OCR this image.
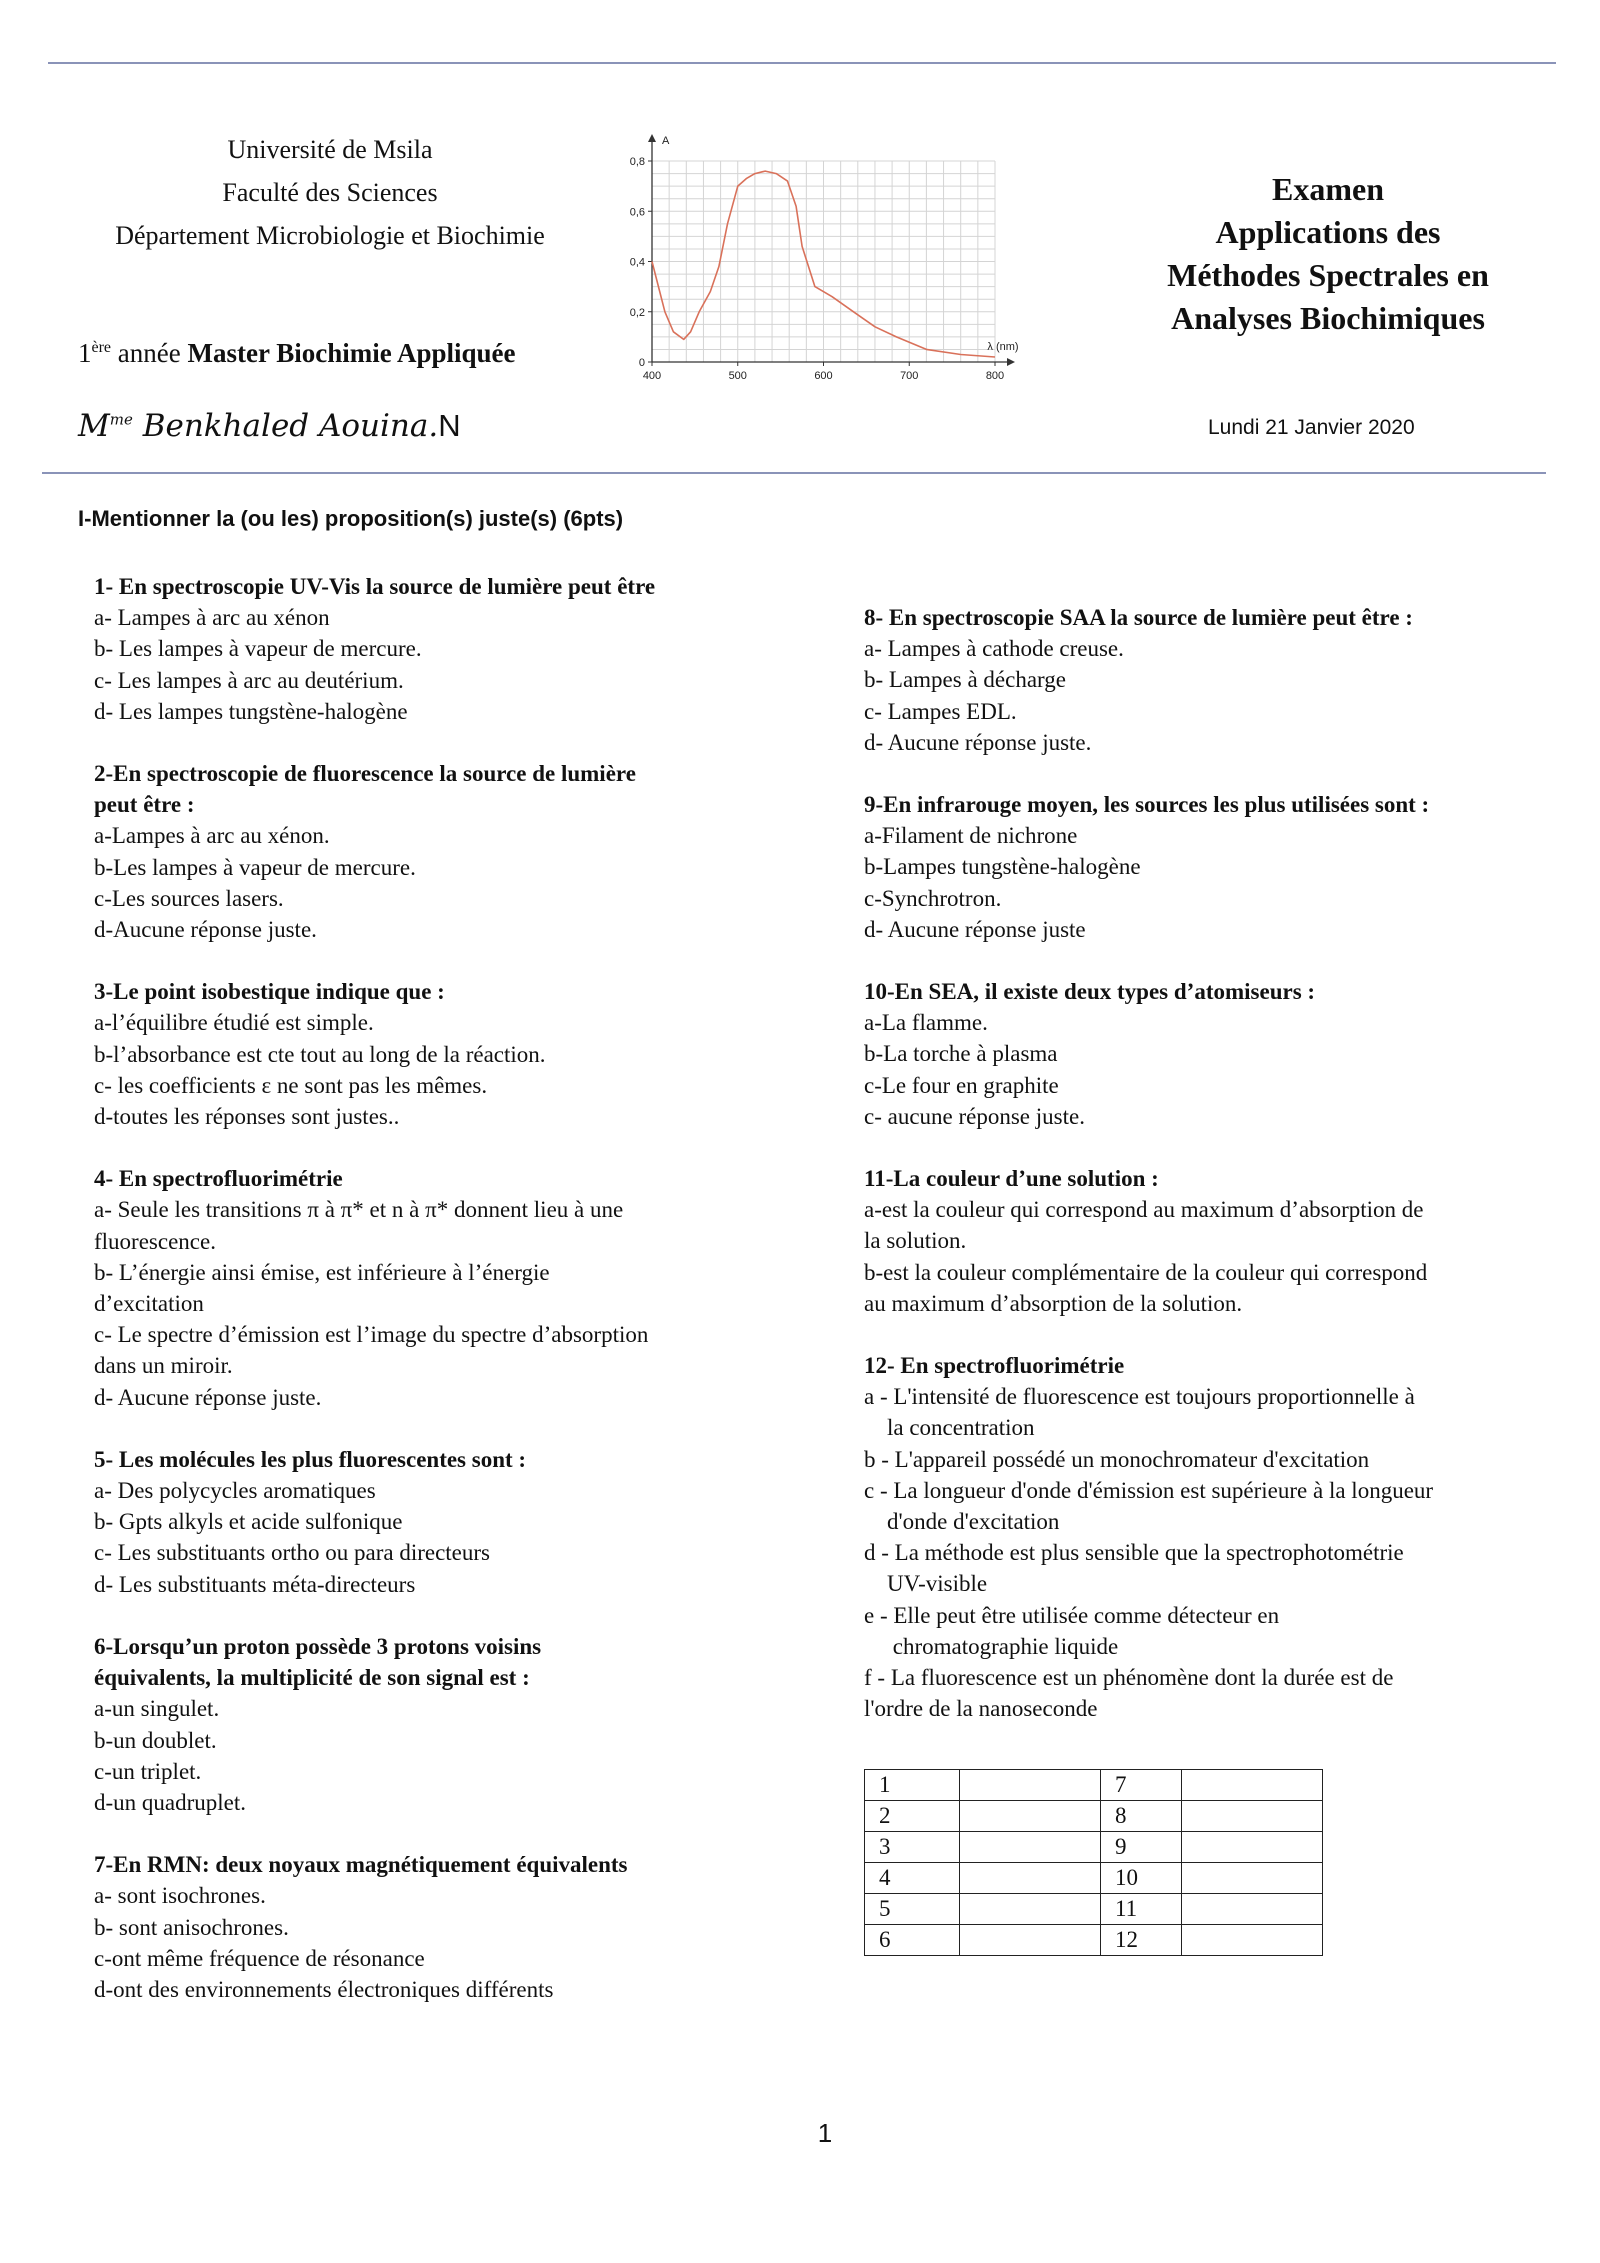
Université de Msila
Faculté des Sciences
Département Microbiologie et Biochimie
1ère année Master Biochimie Appliquée
$M^{me}$ Benkhaled Aouina.N
A
λ (nm)
0
0,2
0,4
0,6
0,8
400	500	600	700	800
Examen
Applications des
Méthodes Spectrales en
Analyses Biochimiques
Lundi 21 Janvier 2020
I-Mentionner la (ou les) proposition(s) juste(s) (6pts)
1- En spectroscopie UV-Vis la source de lumière peut être
a- Lampes à arc au xénon
b- Les lampes à vapeur de mercure.
c- Les lampes à arc au deutérium.
d- Les lampes tungstène-halogène
2-En spectroscopie de fluorescence la source de lumière
peut être :
a-Lampes à arc au xénon.
b-Les lampes à vapeur de mercure.
c-Les sources lasers.
d-Aucune réponse juste.
3-Le point isobestique indique que :
a-l’équilibre étudié est simple.
b-l’absorbance est cte tout au long de la réaction.
c- les coefficients ε ne sont pas les mêmes.
d-toutes les réponses sont justes..
4- En spectrofluorimétrie
a- Seule les transitions π à π* et n à π* donnent lieu à une
fluorescence.
b- L’énergie ainsi émise, est inférieure à l’énergie
d’excitation
c- Le spectre d’émission est l’image du spectre d’absorption
dans un miroir.
d- Aucune réponse juste.
5- Les molécules les plus fluorescentes sont :
a- Des polycycles aromatiques
b- Gpts alkyls et acide sulfonique
c- Les substituants ortho ou para directeurs
d- Les substituants méta-directeurs
6-Lorsqu’un proton possède 3 protons voisins
équivalents, la multiplicité de son signal est :
a-un singulet.
b-un doublet.
c-un triplet.
d-un quadruplet.
7-En RMN: deux noyaux magnétiquement équivalents
a- sont isochrones.
b- sont anisochrones.
c-ont même fréquence de résonance
d-ont des environnements électroniques différents
8- En spectroscopie SAA la source de lumière peut être :
a- Lampes à cathode creuse.
b- Lampes à décharge
c- Lampes EDL.
d- Aucune réponse juste.
9-En infrarouge moyen, les sources les plus utilisées sont :
a-Filament de nichrone
b-Lampes tungstène-halogène
c-Synchrotron.
d- Aucune réponse juste
10-En SEA, il existe deux types d’atomiseurs :
a-La flamme.
b-La torche à plasma
c-Le four en graphite
c- aucune réponse juste.
11-La couleur d’une solution :
a-est la couleur qui correspond au maximum d’absorption de
la solution.
b-est la couleur complémentaire de la couleur qui correspond
au maximum d’absorption de la solution.
12- En spectrofluorimétrie
a - L'intensité de fluorescence est toujours proportionnelle à
la concentration
b - L'appareil possédé un monochromateur d'excitation
c - La longueur d'onde d'émission est supérieure à la longueur
d'onde d'excitation
d - La méthode est plus sensible que la spectrophotométrie
UV-visible
e - Elle peut être utilisée comme détecteur en
chromatographie liquide
f - La fluorescence est un phénomène dont la durée est de
l'ordre de la nanoseconde
1		7	
2		8	
3		9	
4		10	
5		11	
6		12	
1
